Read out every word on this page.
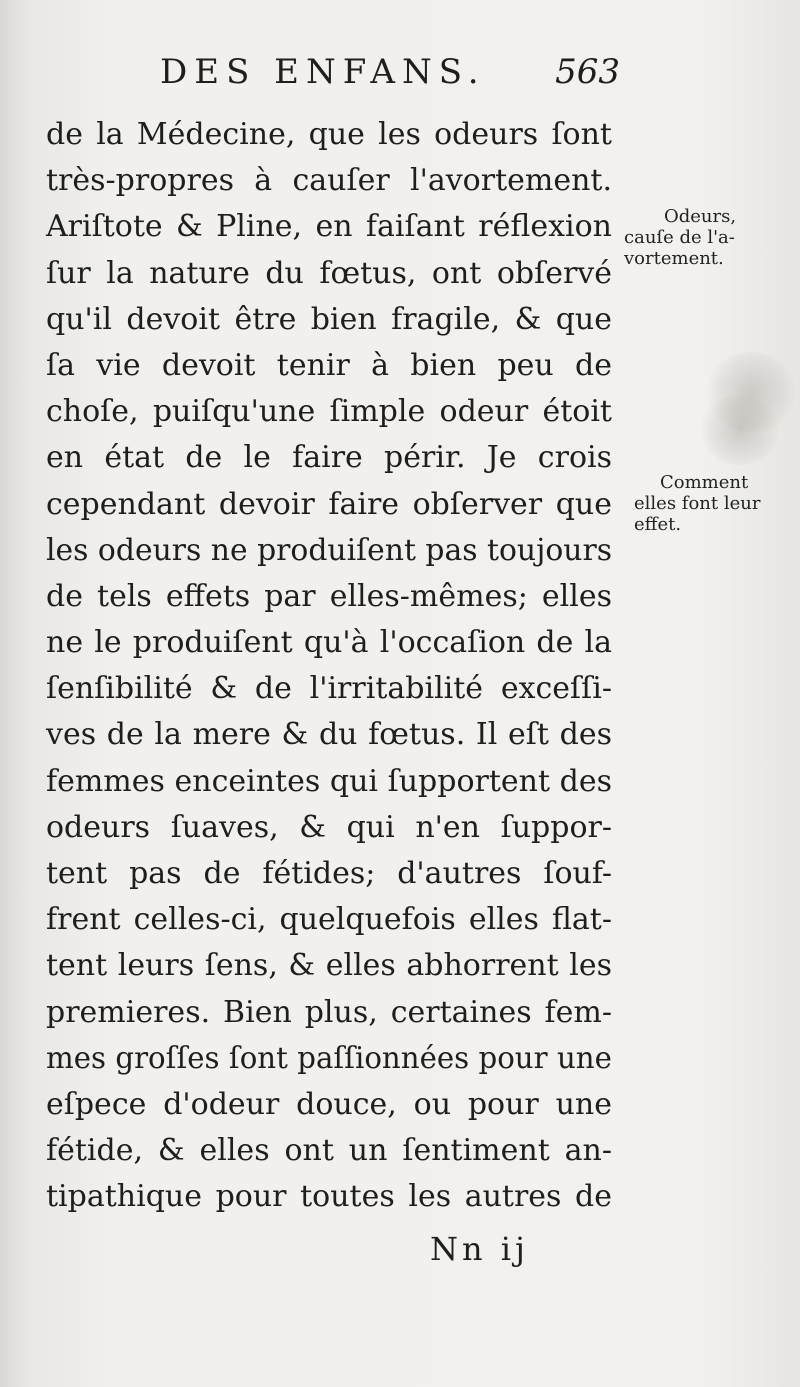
DES ENFANS. 563
de la Médecine, que les odeurs ſont
très-propres à cauſer l'avortement.
Ariſtote & Pline, en faiſant réflexion
ſur la nature du fœtus, ont obſervé
qu'il devoit être bien fragile, & que
ſa vie devoit tenir à bien peu de
choſe, puiſqu'une ſimple odeur étoit
en état de le faire périr. Je crois
cependant devoir faire obſerver que
les odeurs ne produiſent pas toujours
de tels effets par elles-mêmes; elles
ne le produiſent qu'à l'occaſion de la
ſenſibilité & de l'irritabilité exceſſi-
ves de la mere & du fœtus. Il eſt des
femmes enceintes qui ſupportent des
odeurs ſuaves, & qui n'en ſuppor-
tent pas de fétides; d'autres ſouf-
frent celles-ci, quelquefois elles flat-
tent leurs ſens, & elles abhorrent les
premieres. Bien plus, certaines fem-
mes groſſes ſont paſſionnées pour une
eſpece d'odeur douce, ou pour une
fétide, & elles ont un ſentiment an-
tipathique pour toutes les autres de
Odeurs,
cauſe de l'a-
vortement.
Comment
elles font leur
effet.
Nn ij
